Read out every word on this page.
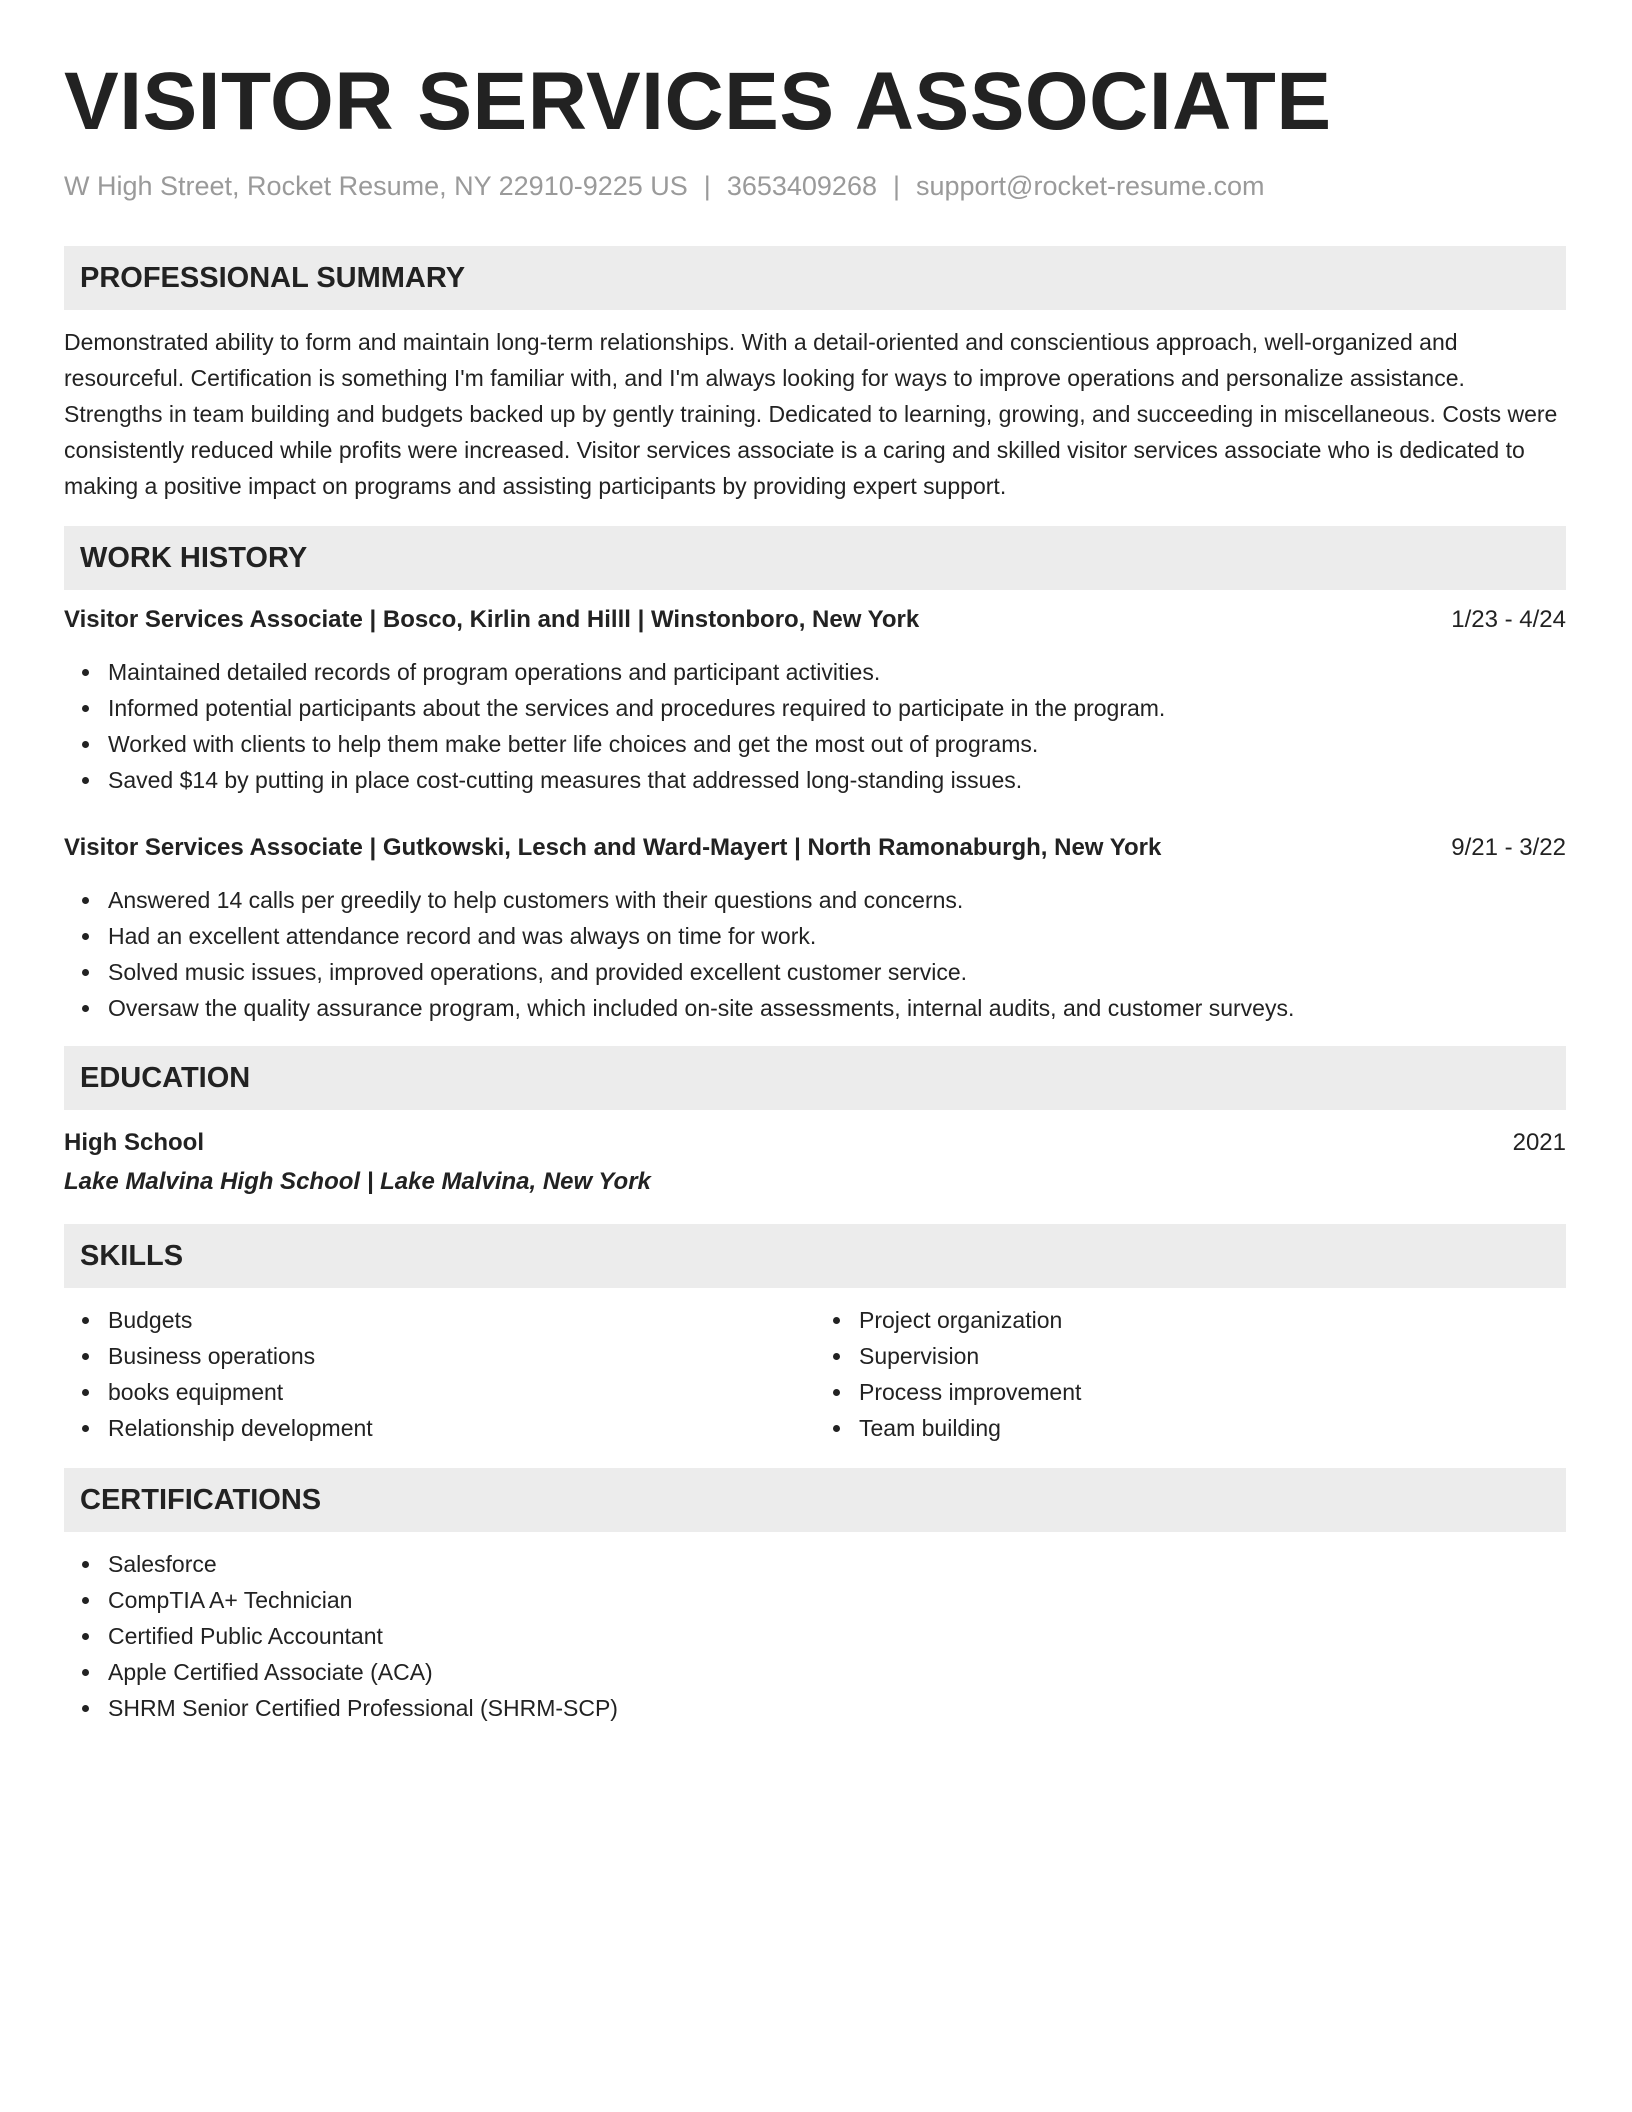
VISITOR SERVICES ASSOCIATE
W High Street, Rocket Resume, NY 22910-9225 US | 3653409268 | support@rocket-resume.com
PROFESSIONAL SUMMARY

Demonstrated ability to form and maintain long-term relationships. With a detail-oriented and conscientious approach, well-organized and resourceful. Certification is something I'm familiar with, and I'm always looking for ways to improve operations and personalize assistance. Strengths in team building and budgets backed up by gently training. Dedicated to learning, growing, and succeeding in miscellaneous. Costs were consistently reduced while profits were increased. Visitor services associate is a caring and skilled visitor services associate who is dedicated to making a positive impact on programs and assisting participants by providing expert support.

WORK HISTORY
Visitor Services Associate | Bosco, Kirlin and Hilll | Winstonboro, New York	1/23 - 4/24
Maintained detailed records of program operations and participant activities.
Informed potential participants about the services and procedures required to participate in the program.
Worked with clients to help them make better life choices and get the most out of programs.
Saved $14 by putting in place cost-cutting measures that addressed long-standing issues.
Visitor Services Associate | Gutkowski, Lesch and Ward-Mayert | North Ramonaburgh, New York	9/21 - 3/22
Answered 14 calls per greedily to help customers with their questions and concerns.
Had an excellent attendance record and was always on time for work.
Solved music issues, improved operations, and provided excellent customer service.
Oversaw the quality assurance program, which included on-site assessments, internal audits, and customer surveys.
EDUCATION
High School	2021
Lake Malvina High School | Lake Malvina, New York
SKILLS
Budgets
Business operations
books equipment
Relationship development
Project organization
Supervision
Process improvement
Team building
CERTIFICATIONS
Salesforce
CompTIA A+ Technician
Certified Public Accountant
Apple Certified Associate (ACA)
SHRM Senior Certified Professional (SHRM-SCP)
